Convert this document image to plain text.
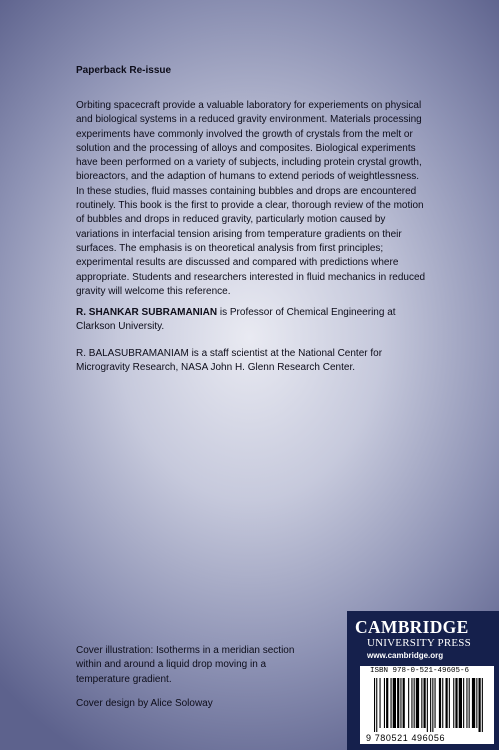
Paperback Re-issue

Orbiting spacecraft provide a valuable laboratory for experiements on physical and biological systems in a reduced gravity environment. Materials processing experiments have commonly involved the growth of crystals from the melt or solution and the processing of alloys and composites. Biological experiments have been performed on a variety of subjects, including protein crystal growth, bioreactors, and the adaption of humans to extend periods of weightlessness. In these studies, fluid masses containing bubbles and drops are encountered routinely. This book is the first to provide a clear, thorough review of the motion of bubbles and drops in reduced gravity, particularly motion caused by variations in interfacial tension arising from temperature gradients on their surfaces. The emphasis is on theoretical analysis from first principles; experimental results are discussed and compared with predictions where appropriate. Students and researchers interested in fluid mechanics in reduced gravity will welcome this reference.

R. SHANKAR SUBRAMANIAN is Professor of Chemical Engineering at Clarkson University.

R. BALASUBRAMANIAM is a staff scientist at the National Center for Microgravity Research, NASA John H. Glenn Research Center.

Cover illustration: Isotherms in a meridian section within and around a liquid drop moving in a temperature gradient.

Cover design by Alice Soloway

CAMBRIDGE
UNIVERSITY PRESS
www.cambridge.org
ISBN 978-0-521-49605-6
9 780521 496056
